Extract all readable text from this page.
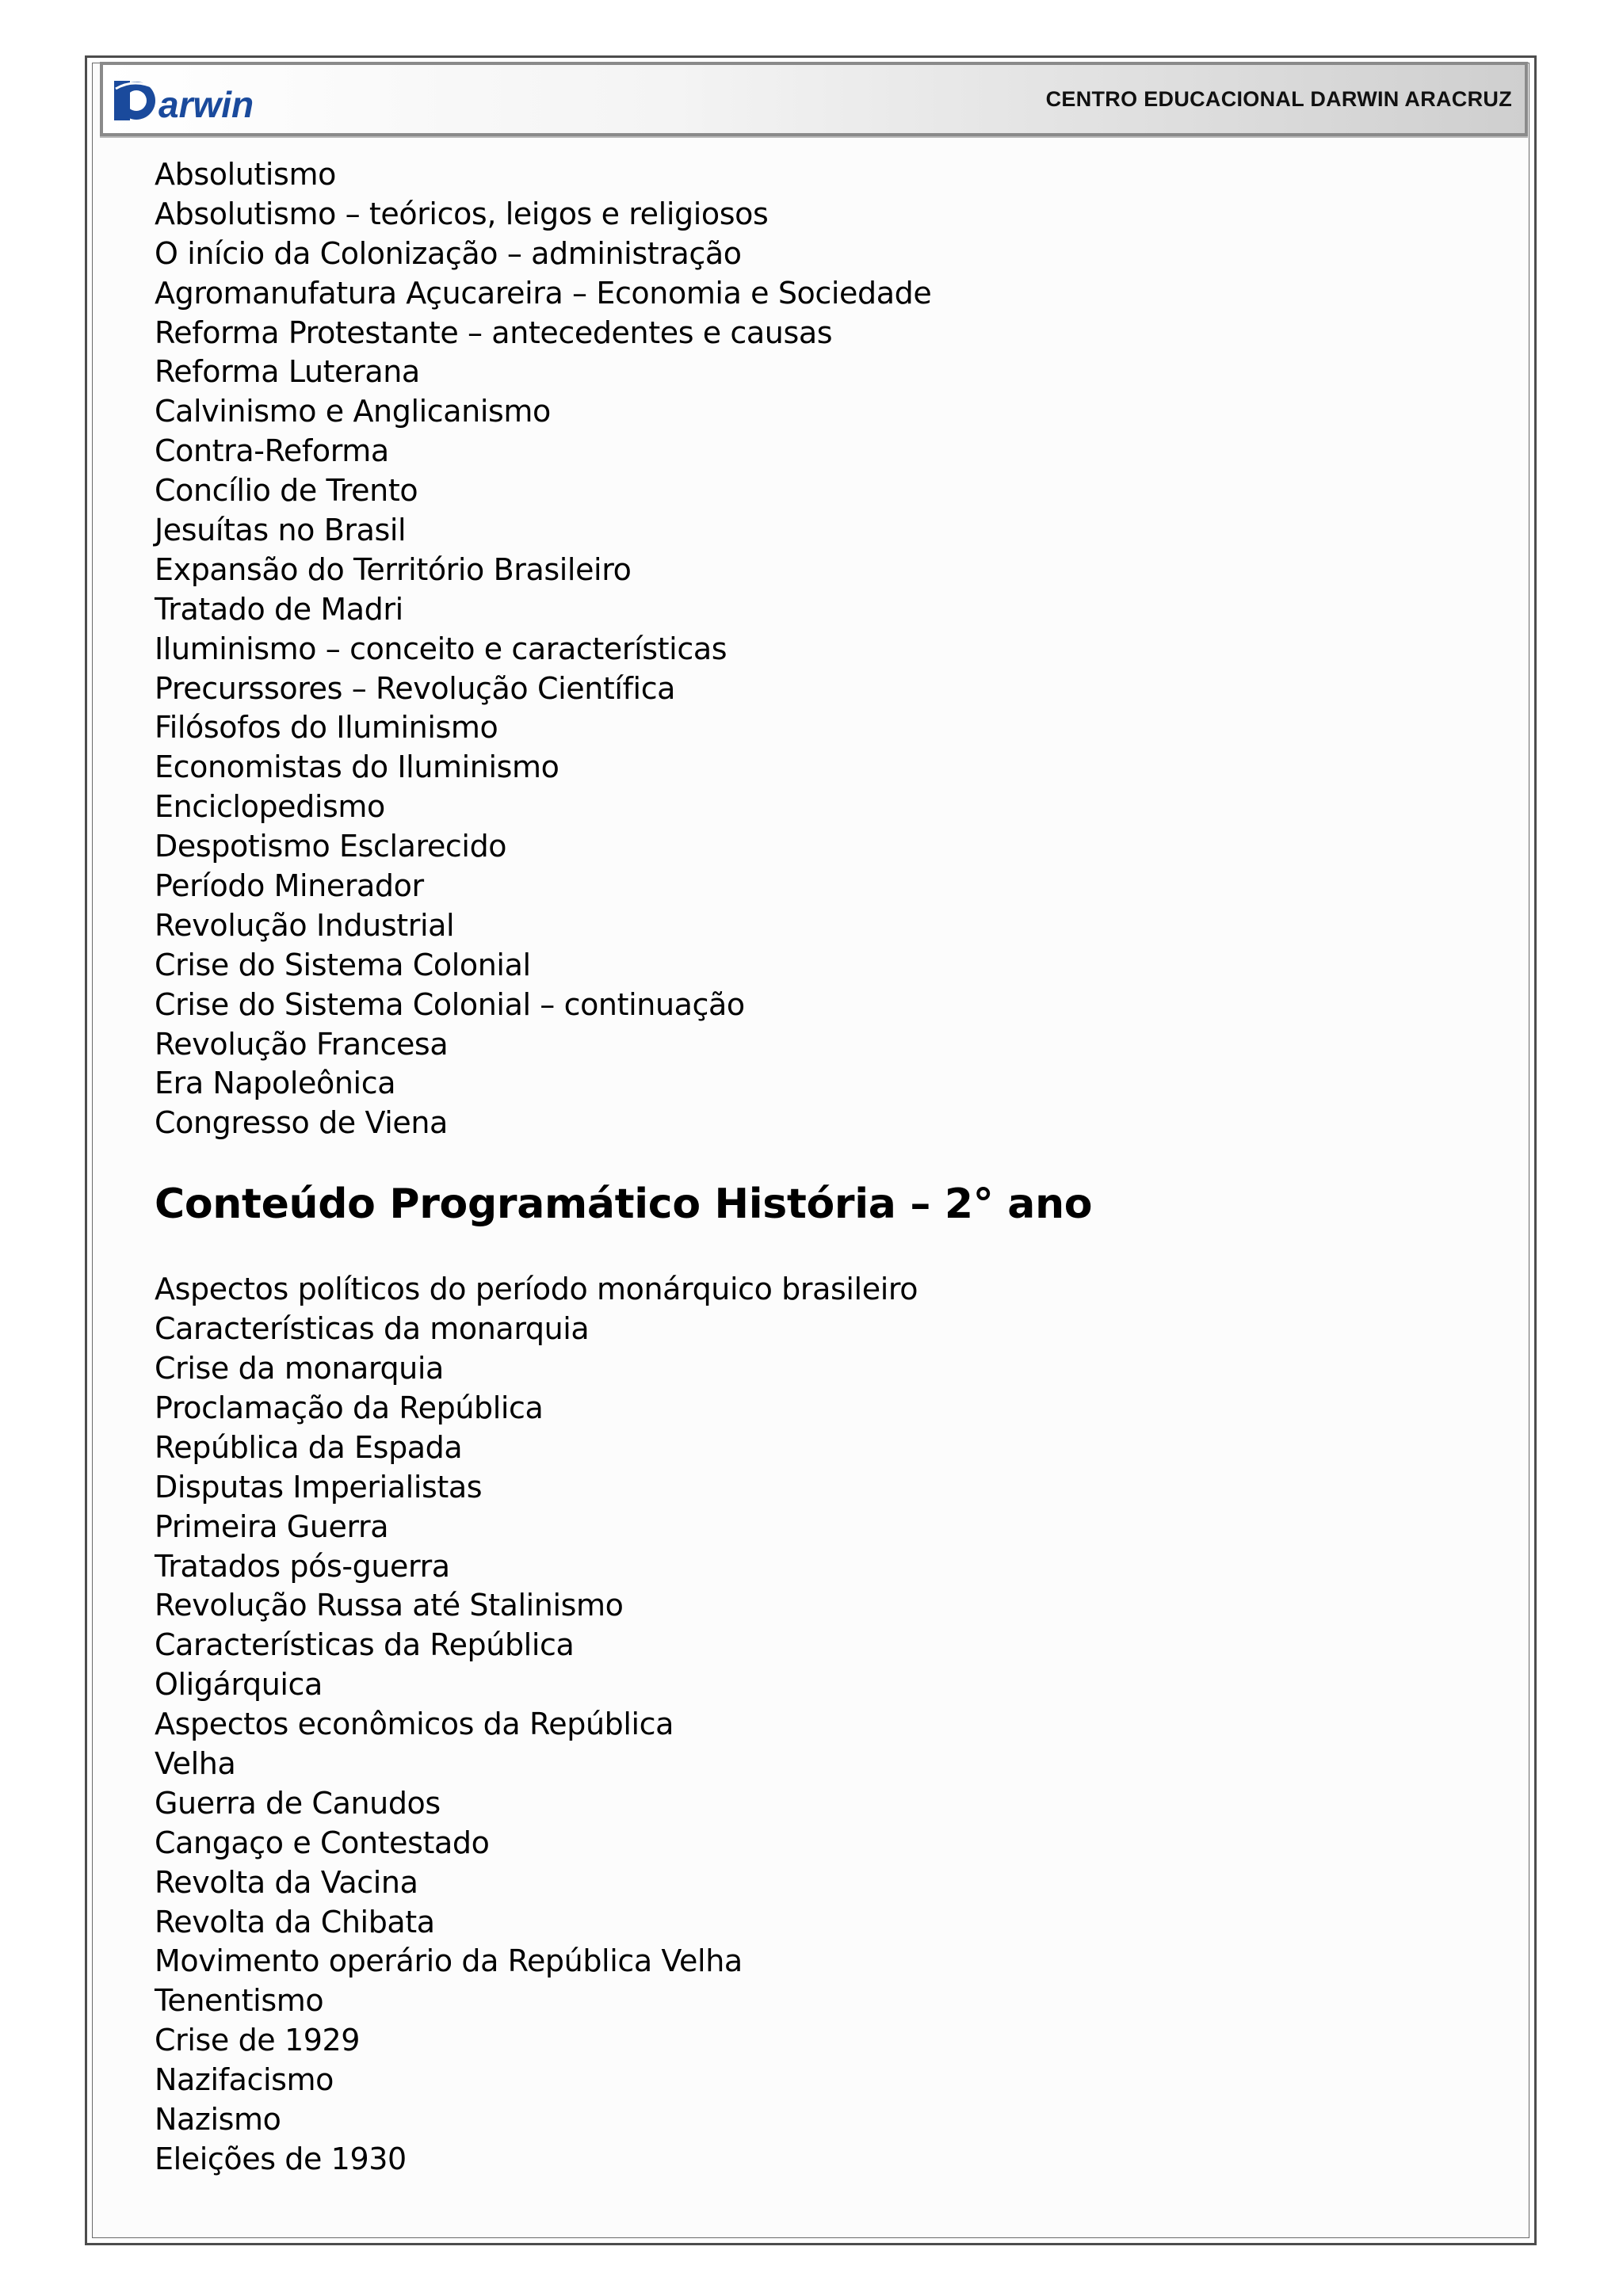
arwin	CENTRO EDUCACIONAL DARWIN ARACRUZ
Absolutismo
Absolutismo – teóricos, leigos e religiosos
O início da Colonização – administração
Agromanufatura Açucareira – Economia e Sociedade
Reforma Protestante – antecedentes e causas
Reforma Luterana
Calvinismo e Anglicanismo
Contra-Reforma
Concílio de Trento
Jesuítas no Brasil
Expansão do Território Brasileiro
Tratado de Madri
Iluminismo – conceito e características
Precurssores – Revolução Científica
Filósofos do Iluminismo
Economistas do Iluminismo
Enciclopedismo
Despotismo Esclarecido
Período Minerador
Revolução Industrial
Crise do Sistema Colonial
Crise do Sistema Colonial – continuação
Revolução Francesa
Era Napoleônica
Congresso de Viena
Conteúdo Programático História – 2° ano
Aspectos políticos do período monárquico brasileiro
Características da monarquia
Crise da monarquia
Proclamação da República
República da Espada
Disputas Imperialistas
Primeira Guerra
Tratados pós-guerra
Revolução Russa até Stalinismo
Características da República
Oligárquica
Aspectos econômicos da República
Velha
Guerra de Canudos
Cangaço e Contestado
Revolta da Vacina
Revolta da Chibata
Movimento operário da República Velha
Tenentismo
Crise de 1929
Nazifacismo
Nazismo
Eleições de 1930
